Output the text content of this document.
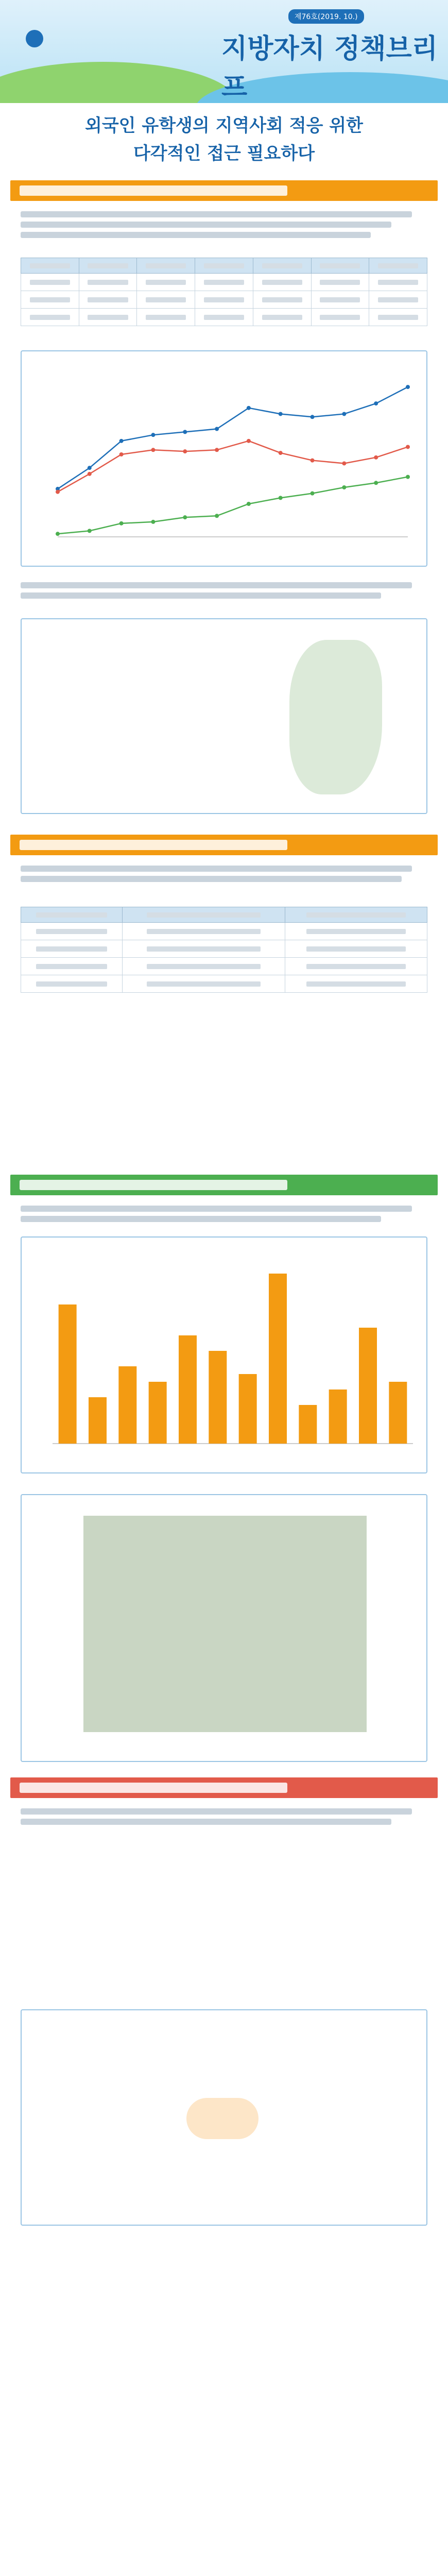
제76호(2019. 10.)
지방자치 정책브리프
외국인 유학생의 지역사회 적응 위한
다각적인 접근 필요하다
